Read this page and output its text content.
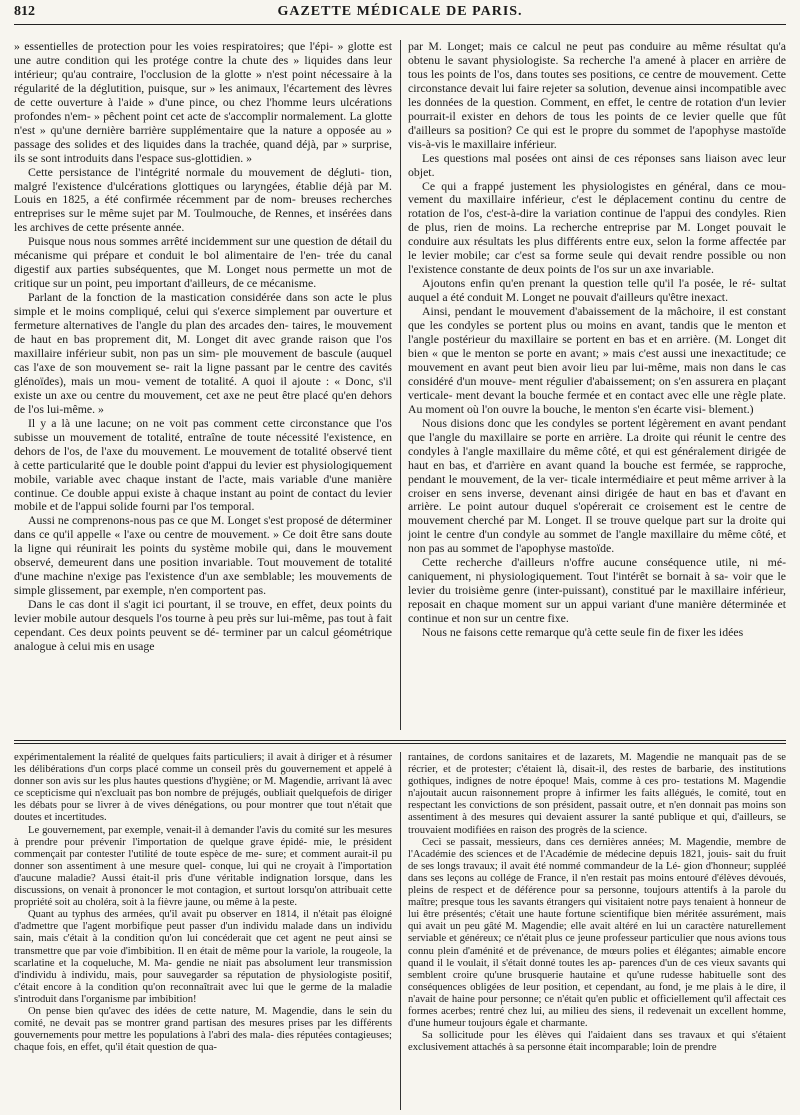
812	GAZETTE MÉDICALE DE PARIS.

» essentielles de protection pour les voies respiratoires; que l'épi- » glotte est une autre condition qui les protége contre la chute des » liquides dans leur intérieur; qu'au contraire, l'occlusion de la glotte » n'est point nécessaire à la régularité de la déglutition, puisque, sur » les animaux, l'écartement des lèvres de cette ouverture à l'aide » d'une pince, ou chez l'homme leurs ulcérations profondes n'em- » pêchent point cet acte de s'accomplir normalement. La glotte n'est » qu'une dernière barrière supplémentaire que la nature a opposée au » passage des solides et des liquides dans la trachée, quand déjà, par » surprise, ils se sont introduits dans l'espace sus-glottidien. »

Cette persistance de l'intégrité normale du mouvement de dégluti- tion, malgré l'existence d'ulcérations glottiques ou laryngées, établie déjà par M. Louis en 1825, a été confirmée récemment par de nom- breuses recherches entreprises sur le même sujet par M. Toulmouche, de Rennes, et insérées dans les archives de cette présente année.

Puisque nous nous sommes arrêté incidemment sur une question de détail du mécanisme qui prépare et conduit le bol alimentaire de l'en- trée du canal digestif aux parties subséquentes, que M. Longet nous permette un mot de critique sur un point, peu important d'ailleurs, de ce mécanisme.

Parlant de la fonction de la mastication considérée dans son acte le plus simple et le moins compliqué, celui qui s'exerce simplement par ouverture et fermeture alternatives de l'angle du plan des arcades den- taires, le mouvement de haut en bas proprement dit, M. Longet dit avec grande raison que l'os maxillaire inférieur subit, non pas un sim- ple mouvement de bascule (auquel cas l'axe de son mouvement se- rait la ligne passant par le centre des cavités glénoïdes), mais un mou- vement de totalité. A quoi il ajoute : « Donc, s'il existe un axe ou centre du mouvement, cet axe ne peut être placé qu'en dehors de l'os lui-même. »

Il y a là une lacune; on ne voit pas comment cette circonstance que l'os subisse un mouvement de totalité, entraîne de toute nécessité l'existence, en dehors de l'os, de l'axe du mouvement. Le mouvement de totalité observé tient à cette particularité que le double point d'appui du levier est physiologiquement mobile, variable avec chaque instant de l'acte, mais variable d'une manière continue. Ce double appui existe à chaque instant au point de contact du levier mobile et de l'appui solide fourni par l'os temporal.

Aussi ne comprenons-nous pas ce que M. Longet s'est proposé de déterminer dans ce qu'il appelle « l'axe ou centre de mouvement. » Ce doit être sans doute la ligne qui réunirait les points du système mobile qui, dans le mouvement observé, demeurent dans une position invariable. Tout mouvement de totalité d'une machine n'exige pas l'existence d'un axe semblable; les mouvements de simple glissement, par exemple, n'en comportent pas.

Dans le cas dont il s'agit ici pourtant, il se trouve, en effet, deux points du levier mobile autour desquels l'os tourne à peu près sur lui-même, pas tout à fait cependant. Ces deux points peuvent se dé- terminer par un calcul géométrique analogue à celui mis en usage

par M. Longet; mais ce calcul ne peut pas conduire au même résultat qu'a obtenu le savant physiologiste. Sa recherche l'a amené à placer en arrière de tous les points de l'os, dans toutes ses positions, ce centre de mouvement. Cette circonstance devait lui faire rejeter sa solution, devenue ainsi incompatible avec les données de la question. Comment, en effet, le centre de rotation d'un levier pourrait-il exister en dehors de tous les points de ce levier quelle que fût d'ailleurs sa position? Ce qui est le propre du sommet de l'apophyse mastoïde vis-à-vis le maxillaire inférieur.

Les questions mal posées ont ainsi de ces réponses sans liaison avec leur objet.

Ce qui a frappé justement les physiologistes en général, dans ce mou- vement du maxillaire inférieur, c'est le déplacement continu du centre de rotation de l'os, c'est-à-dire la variation continue de l'appui des condyles. Rien de plus, rien de moins. La recherche entreprise par M. Longet pouvait le conduire aux résultats les plus différents entre eux, selon la forme affectée par le levier mobile; car c'est sa forme seule qui devait rendre possible ou non l'existence constante de deux points de l'os sur un axe invariable.

Ajoutons enfin qu'en prenant la question telle qu'il l'a posée, le ré- sultat auquel a été conduit M. Longet ne pouvait d'ailleurs qu'être inexact.

Ainsi, pendant le mouvement d'abaissement de la mâchoire, il est constant que les condyles se portent plus ou moins en avant, tandis que le menton et l'angle postérieur du maxillaire se portent en bas et en arrière. (M. Longet dit bien « que le menton se porte en avant; » mais c'est aussi une inexactitude; ce mouvement en avant peut bien avoir lieu par lui-même, mais non dans le cas considéré d'un mouve- ment régulier d'abaissement; on s'en assurera en plaçant verticale- ment devant la bouche fermée et en contact avec elle une règle plate. Au moment où l'on ouvre la bouche, le menton s'en écarte visi- blement.)

Nous disions donc que les condyles se portent légèrement en avant pendant que l'angle du maxillaire se porte en arrière. La droite qui réunit le centre des condyles à l'angle maxillaire du même côté, et qui est généralement dirigée de haut en bas, et d'arrière en avant quand la bouche est fermée, se rapproche, pendant le mouvement, de la ver- ticale intermédiaire et peut même arriver à la croiser en sens inverse, devenant ainsi dirigée de haut en bas et d'avant en arrière. Le point autour duquel s'opérerait ce croisement est le centre de mouvement cherché par M. Longet. Il se trouve quelque part sur la droite qui joint le centre d'un condyle au sommet de l'angle maxillaire du même côté, et non pas au sommet de l'apophyse mastoïde.

Cette recherche d'ailleurs n'offre aucune conséquence utile, ni mé- caniquement, ni physiologiquement. Tout l'intérêt se bornait à sa- voir que le levier du troisième genre (inter-puissant), constitué par le maxillaire inférieur, reposait en chaque moment sur un appui variant d'une manière déterminée et continue et non sur un centre fixe.

Nous ne faisons cette remarque qu'à cette seule fin de fixer les idées

expérimentalement la réalité de quelques faits particuliers; il avait à diriger et à résumer les délibérations d'un corps placé comme un conseil près du gouvernement et appelé à donner son avis sur les plus hautes questions d'hygiène; or M. Magendie, arrivant là avec ce scepticisme qui n'excluait pas bon nombre de préjugés, oubliait quelquefois de diriger les débats pour se livrer à de vives dénégations, ou pour montrer que tout n'était que doutes et incertitudes.

Le gouvernement, par exemple, venait-il à demander l'avis du comité sur les mesures à prendre pour prévenir l'importation de quelque grave épidé- mie, le président commençait par contester l'utilité de toute espèce de me- sure; et comment aurait-il pu donner son assentiment à une mesure quel- conque, lui qui ne croyait à l'importation d'aucune maladie? Aussi était-il pris d'une véritable indignation lorsque, dans les discussions, on venait à prononcer le mot contagion, et surtout lorsqu'on attribuait cette propriété soit au choléra, soit à la fièvre jaune, ou même à la peste.

Quant au typhus des armées, qu'il avait pu observer en 1814, il n'était pas éloigné d'admettre que l'agent morbifique peut passer d'un individu malade dans un individu sain, mais c'était à la condition qu'on lui concéderait que cet agent ne peut ainsi se transmettre que par voie d'imbibition. Il en était de même pour la variole, la rougeole, la scarlatine et la coqueluche, M. Ma- gendie ne niait pas absolument leur transmission d'individu à individu, mais, pour sauvegarder sa réputation de physiologiste positif, c'était encore à la condition qu'on reconnaîtrait avec lui que le germe de la maladie s'introduit dans l'organisme par imbibition!

On pense bien qu'avec des idées de cette nature, M. Magendie, dans le sein du comité, ne devait pas se montrer grand partisan des mesures prises par les différents gouvernements pour mettre les populations à l'abri des mala- dies réputées contagieuses; chaque fois, en effet, qu'il était question de qua-

rantaines, de cordons sanitaires et de lazarets, M. Magendie ne manquait pas de se récrier, et de protester; c'étaient là, disait-il, des restes de barbarie, des institutions gothiques, indignes de notre époque! Mais, comme à ces pro- testations M. Magendie n'ajoutait aucun raisonnement propre à infirmer les faits allégués, le comité, tout en respectant les convictions de son président, passait outre, et n'en donnait pas moins son assentiment à des mesures qui devaient assurer la santé publique et qui, d'ailleurs, se trouvaient modifiées en raison des progrès de la science.

Ceci se passait, messieurs, dans ces dernières années; M. Magendie, membre de l'Académie des sciences et de l'Académie de médecine depuis 1821, jouis- sait du fruit de ses longs travaux; il avait été nommé commandeur de la Lé- gion d'honneur; suppléé dans ses leçons au collége de France, il n'en restait pas moins entouré d'élèves dévoués, pleins de respect et de déférence pour sa personne, toujours attentifs à la parole du maître; presque tous les savants étrangers qui visitaient notre pays tenaient à honneur de lui être présentés; c'était une haute fortune scientifique bien méritée assurément, mais qui avait un peu gâté M. Magendie; elle avait altéré en lui un caractère naturellement serviable et généreux; ce n'était plus ce jeune professeur particulier que nous avions tous connu plein d'aménité et de prévenance, de mœurs polies et élégantes; aimable encore quand il le voulait, il s'était donné toutes les ap- parences d'un de ces vieux savants qui semblent croire qu'une brusquerie hautaine et qu'une rudesse habituelle sont des conséquences obligées de leur position, et cependant, au fond, je me plais à le dire, il n'avait de haine pour personne; ce n'était qu'en public et officiellement qu'il affectait ces formes acerbes; rentré chez lui, au milieu des siens, il redevenait un excellent homme, d'une humeur toujours égale et charmante.

Sa sollicitude pour les élèves qui l'aidaient dans ses travaux et qui s'étaient exclusivement attachés à sa personne était incomparable; loin de prendre
